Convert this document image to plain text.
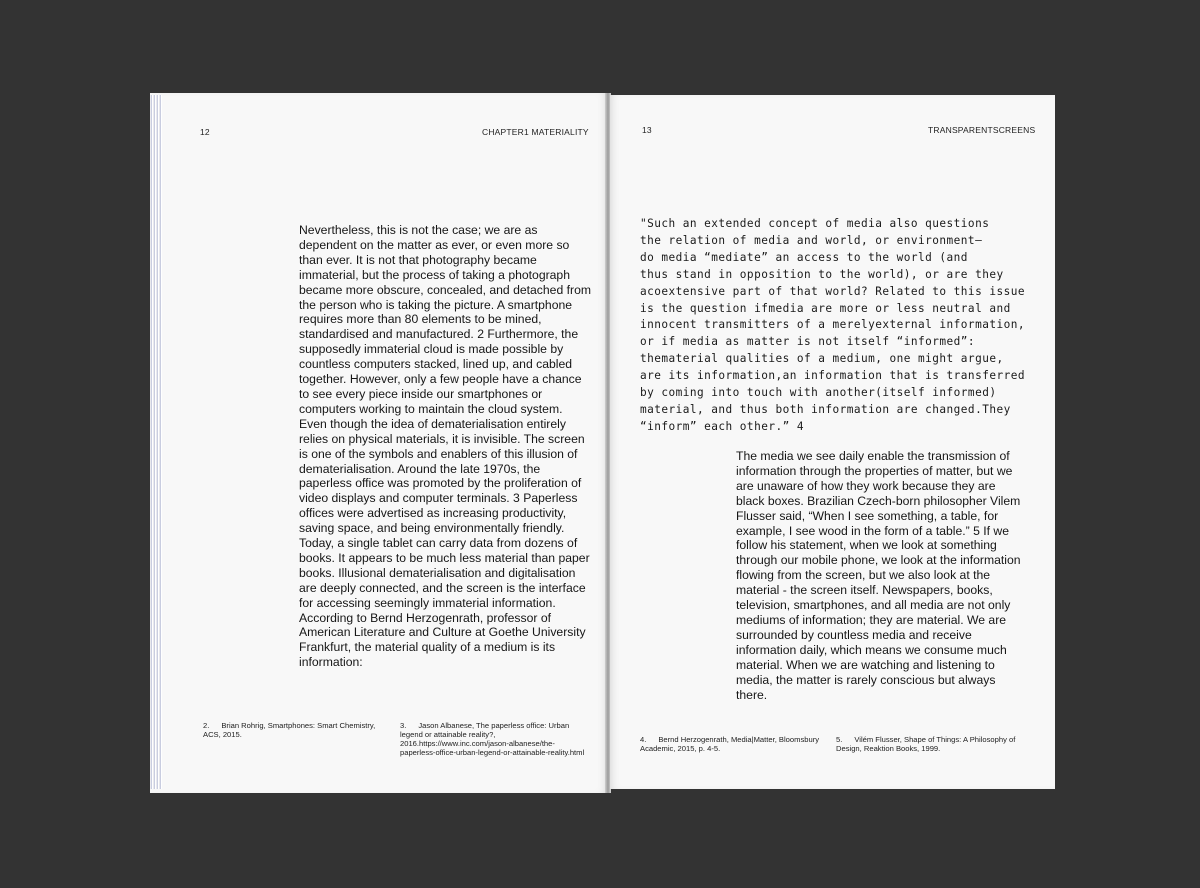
12	CHAPTER1 MATERIALITY

Nevertheless, this is not the case; we are as dependent on the matter as ever, or even more so than ever. It is not that photography became immaterial, but the process of taking a photograph became more obscure, concealed, and detached from the person who is taking the picture. A smartphone requires more than 80 elements to be mined, standardised and manufactured. 2 Furthermore, the supposedly immaterial cloud is made possible by countless computers stacked, lined up, and cabled together. However, only a few people have a chance to see every piece inside our smartphones or computers working to maintain the cloud system. Even though the idea of dematerialisation entirely relies on physical materials, it is invisible. The screen is one of the symbols and enablers of this illusion of dematerialisation. Around the late 1970s, the paperless office was promoted by the proliferation of video displays and computer terminals. 3 Paperless offices were advertised as increasing productivity, saving space, and being environmentally friendly. Today, a single tablet can carry data from dozens of books. It appears to be much less material than paper books. Illusional dematerialisation and digitalisation are deeply connected, and the screen is the interface for accessing seemingly immaterial information. According to Bernd Herzogenrath, professor of American Literature and Culture at Goethe University Frankfurt, the material quality of a medium is its information:

2. Brian Rohrig, Smartphones: Smart Chemistry, ACS, 2015.
3. Jason Albanese, The paperless office: Urban legend or attainable reality?, 2016.https://www.inc.com/jason-albanese/the-paperless-office-urban-legend-or-attainable-reality.html
13	TRANSPARENTSCREENS

"Such an extended concept of media also questions
the relation of media and world, or environment—
do media “mediate” an access to the world (and
thus stand in opposition to the world), or are they
acoextensive part of that world? Related to this issue
is the question ifmedia are more or less neutral and
innocent transmitters of a merelyexternal information,
or if media as matter is not itself “informed”:
thematerial qualities of a medium, one might argue,
are its information,an information that is transferred
by coming into touch with another(itself informed)
material, and thus both information are changed.They
“inform” each other.” 4

The media we see daily enable the transmission of information through the properties of matter, but we are unaware of how they work because they are black boxes. Brazilian Czech-born philosopher Vilem Flusser said, “When I see something, a table, for example, I see wood in the form of a table.” 5 If we follow his statement, when we look at something through our mobile phone, we look at the information flowing from the screen, but we also look at the material - the screen itself. Newspapers, books, television, smartphones, and all media are not only mediums of information; they are material. We are surrounded by countless media and receive information daily, which means we consume much material. When we are watching and listening to media, the matter is rarely conscious but always there.

4. Bernd Herzogenrath, Media|Matter, Bloomsbury Academic, 2015, p. 4-5.
5. Vilém Flusser, Shape of Things: A Philosophy of Design, Reaktion Books, 1999.
